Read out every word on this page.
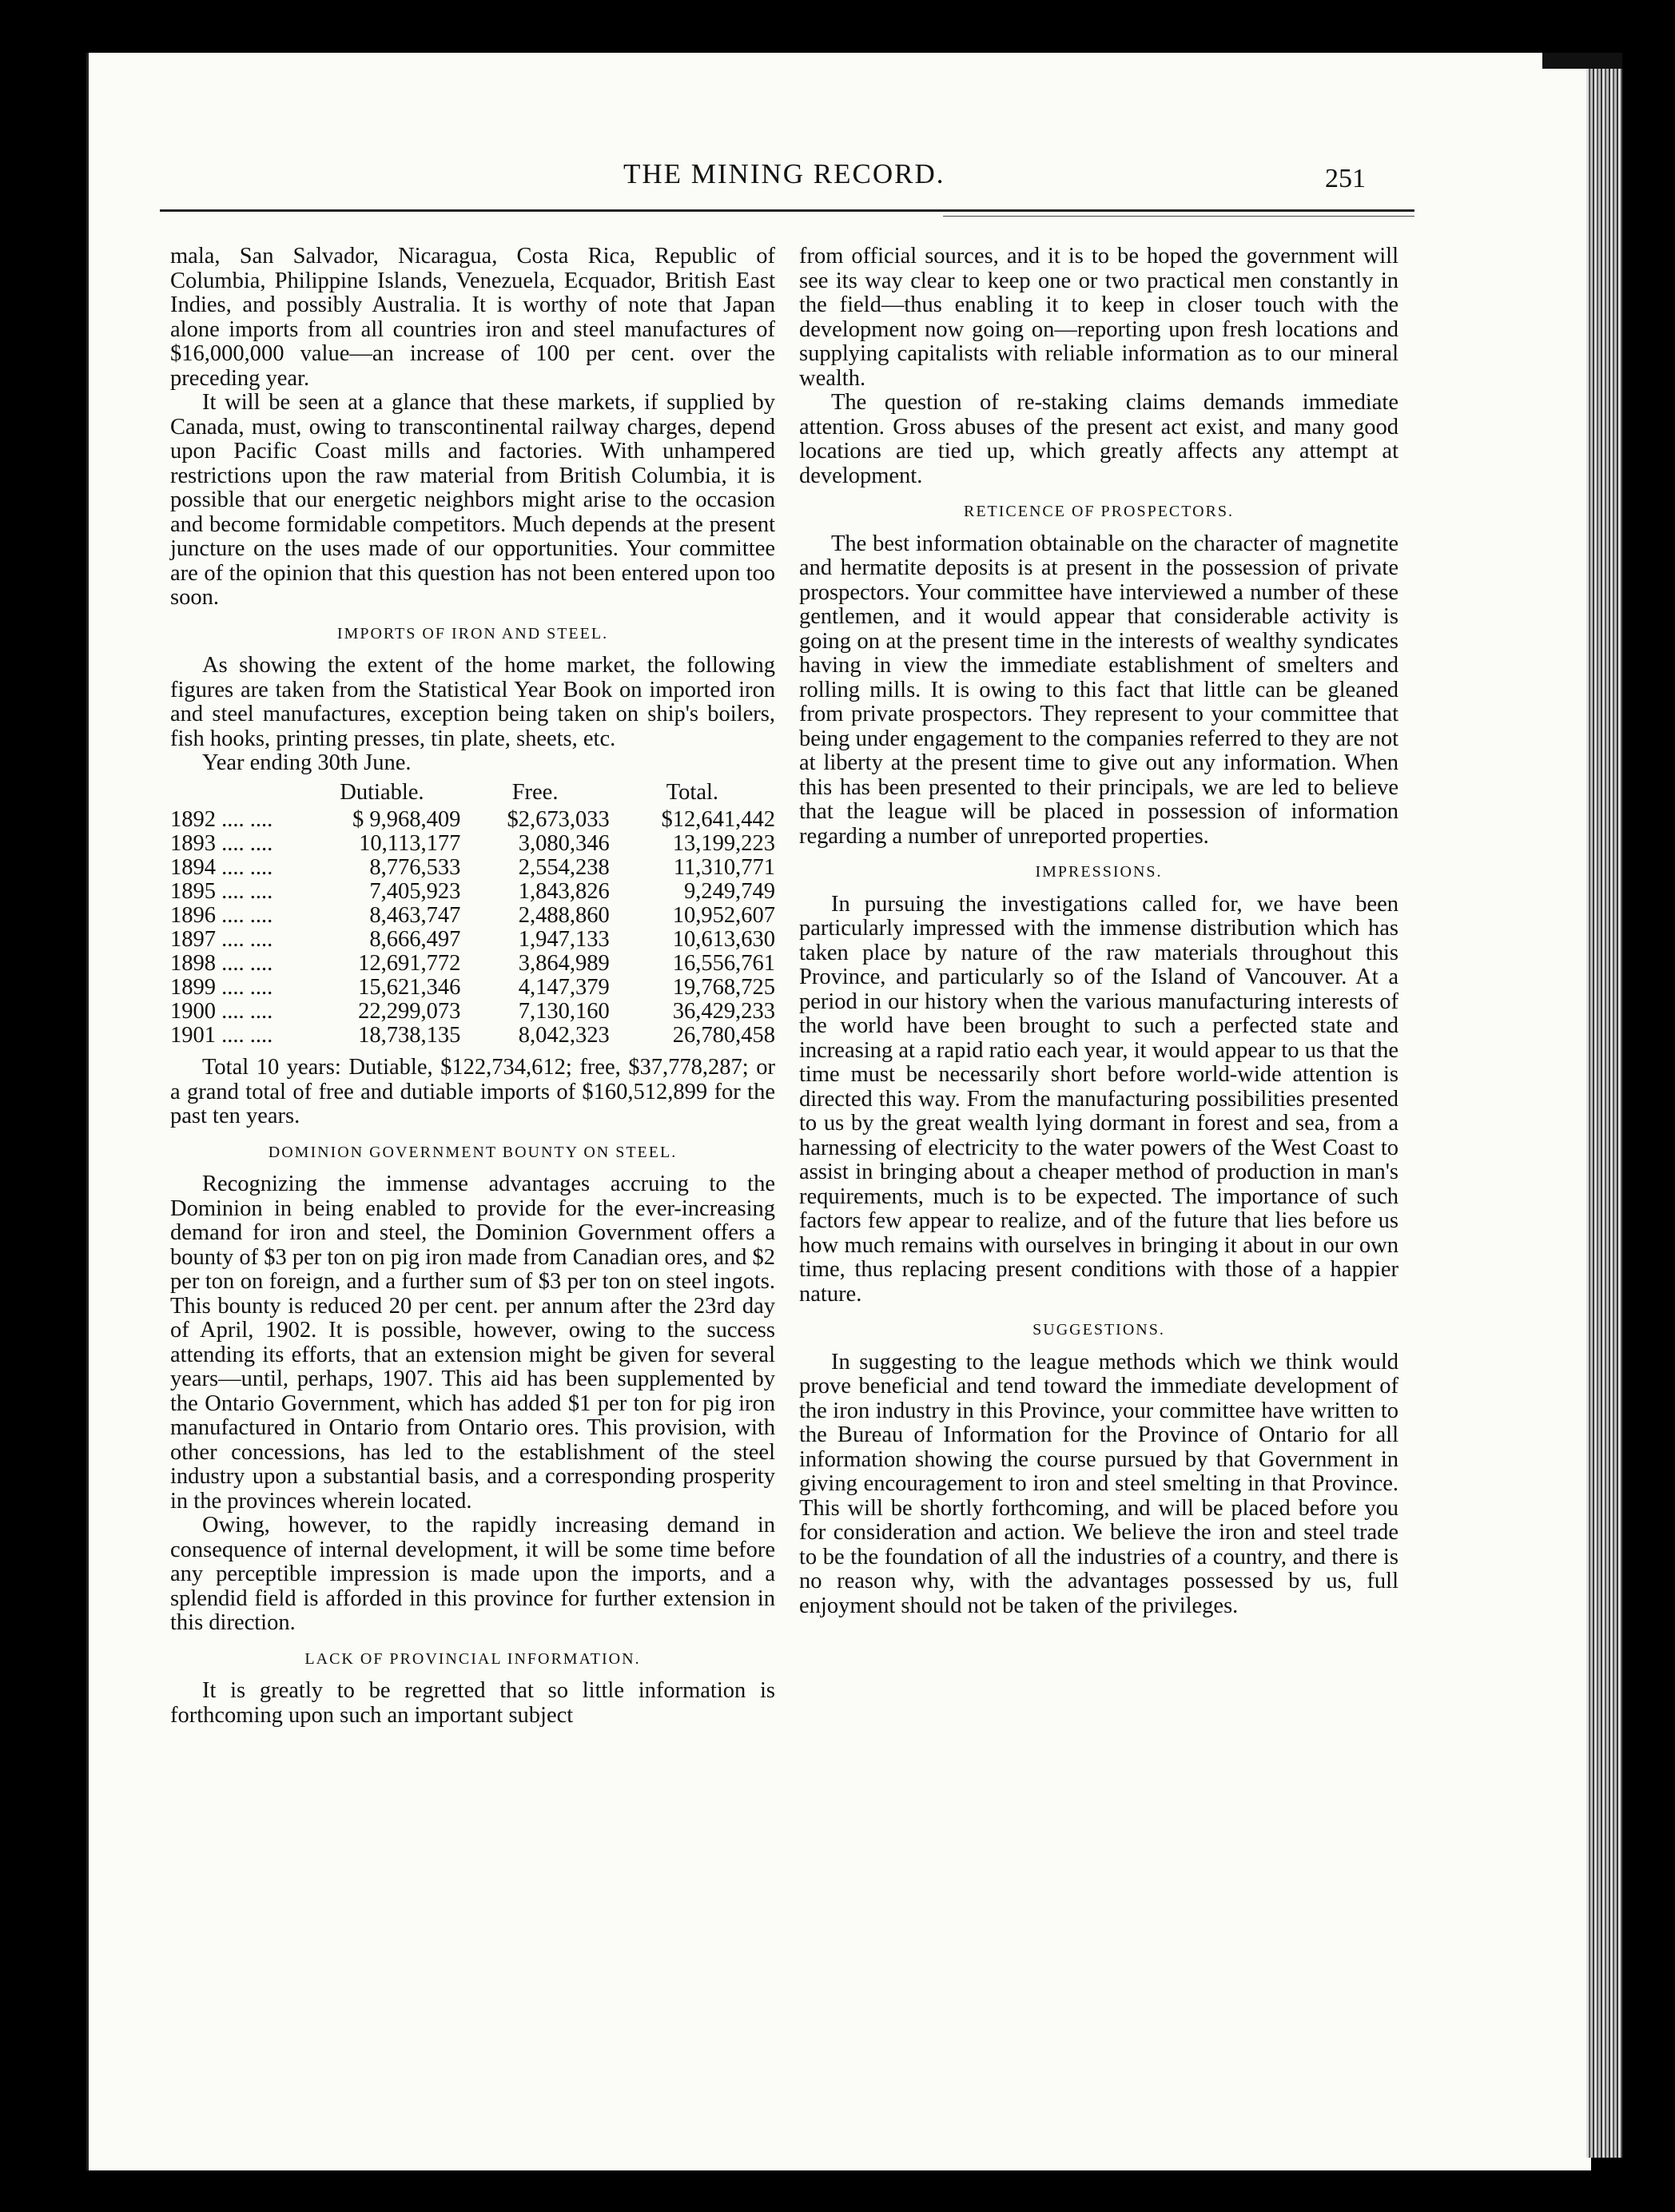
THE MINING RECORD.	251

mala, San Salvador, Nicaragua, Costa Rica, Republic of Columbia, Philippine Islands, Venezuela, Ecquador, British East Indies, and possibly Australia. It is worthy of note that Japan alone imports from all countries iron and steel manufactures of $16,000,000 value—an increase of 100 per cent. over the preceding year.

It will be seen at a glance that these markets, if supplied by Canada, must, owing to transcontinental railway charges, depend upon Pacific Coast mills and factories. With unhampered restrictions upon the raw material from British Columbia, it is possible that our energetic neighbors might arise to the occasion and become formidable competitors. Much depends at the present juncture on the uses made of our opportunities. Your committee are of the opinion that this question has not been entered upon too soon.

IMPORTS OF IRON AND STEEL.

As showing the extent of the home market, the following figures are taken from the Statistical Year Book on imported iron and steel manufactures, exception being taken on ship's boilers, fish hooks, printing presses, tin plate, sheets, etc.

Year ending 30th June.

	Dutiable.	Free.	Total.
1892 .... ....	$ 9,968,409	$2,673,033	$12,641,442
1893 .... ....	10,113,177	3,080,346	13,199,223
1894 .... ....	8,776,533	2,554,238	11,310,771
1895 .... ....	7,405,923	1,843,826	9,249,749
1896 .... ....	8,463,747	2,488,860	10,952,607
1897 .... ....	8,666,497	1,947,133	10,613,630
1898 .... ....	12,691,772	3,864,989	16,556,761
1899 .... ....	15,621,346	4,147,379	19,768,725
1900 .... ....	22,299,073	7,130,160	36,429,233
1901 .... ....	18,738,135	8,042,323	26,780,458

Total 10 years: Dutiable, $122,734,612; free, $37,778,287; or a grand total of free and dutiable imports of $160,512,899 for the past ten years.

DOMINION GOVERNMENT BOUNTY ON STEEL.

Recognizing the immense advantages accruing to the Dominion in being enabled to provide for the ever-increasing demand for iron and steel, the Dominion Government offers a bounty of $3 per ton on pig iron made from Canadian ores, and $2 per ton on foreign, and a further sum of $3 per ton on steel ingots. This bounty is reduced 20 per cent. per annum after the 23rd day of April, 1902. It is possible, however, owing to the success attending its efforts, that an extension might be given for several years—until, perhaps, 1907. This aid has been supplemented by the Ontario Government, which has added $1 per ton for pig iron manufactured in Ontario from Ontario ores. This provision, with other concessions, has led to the establishment of the steel industry upon a substantial basis, and a corresponding prosperity in the provinces wherein located.

Owing, however, to the rapidly increasing demand in consequence of internal development, it will be some time before any perceptible impression is made upon the imports, and a splendid field is afforded in this province for further extension in this direction.

LACK OF PROVINCIAL INFORMATION.

It is greatly to be regretted that so little information is forthcoming upon such an important subject

from official sources, and it is to be hoped the government will see its way clear to keep one or two practical men constantly in the field—thus enabling it to keep in closer touch with the development now going on—reporting upon fresh locations and supplying capitalists with reliable information as to our mineral wealth.

The question of re-staking claims demands immediate attention. Gross abuses of the present act exist, and many good locations are tied up, which greatly affects any attempt at development.

RETICENCE OF PROSPECTORS.

The best information obtainable on the character of magnetite and hermatite deposits is at present in the possession of private prospectors. Your committee have interviewed a number of these gentlemen, and it would appear that considerable activity is going on at the present time in the interests of wealthy syndicates having in view the immediate establishment of smelters and rolling mills. It is owing to this fact that little can be gleaned from private prospectors. They represent to your committee that being under engagement to the companies referred to they are not at liberty at the present time to give out any information. When this has been presented to their principals, we are led to believe that the league will be placed in possession of information regarding a number of unreported properties.

IMPRESSIONS.

In pursuing the investigations called for, we have been particularly impressed with the immense distribution which has taken place by nature of the raw materials throughout this Province, and particularly so of the Island of Vancouver. At a period in our history when the various manufacturing interests of the world have been brought to such a perfected state and increasing at a rapid ratio each year, it would appear to us that the time must be necessarily short before world-wide attention is directed this way. From the manufacturing possibilities presented to us by the great wealth lying dormant in forest and sea, from a harnessing of electricity to the water powers of the West Coast to assist in bringing about a cheaper method of production in man's requirements, much is to be expected. The importance of such factors few appear to realize, and of the future that lies before us how much remains with ourselves in bringing it about in our own time, thus replacing present conditions with those of a happier nature.

SUGGESTIONS.

In suggesting to the league methods which we think would prove beneficial and tend toward the immediate development of the iron industry in this Province, your committee have written to the Bureau of Information for the Province of Ontario for all information showing the course pursued by that Government in giving encouragement to iron and steel smelting in that Province. This will be shortly forthcoming, and will be placed before you for consideration and action. We believe the iron and steel trade to be the foundation of all the industries of a country, and there is no reason why, with the advantages possessed by us, full enjoyment should not be taken of the privileges.
